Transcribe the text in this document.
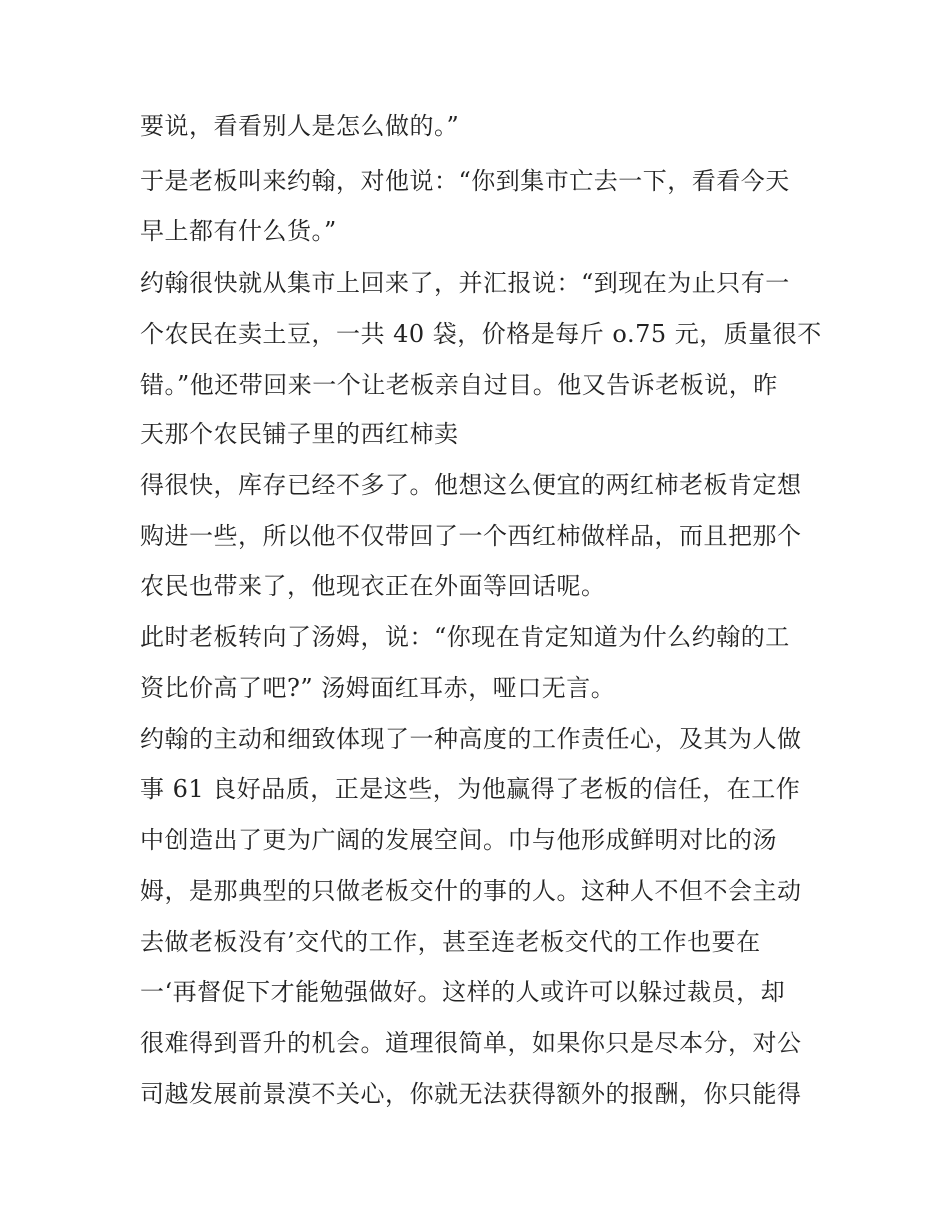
要说，看看别人是怎么做的。”
于是老板叫来约翰，对他说：“你到集市亡去一下，看看今天
早上都有什么货。”
约翰很快就从集市上回来了，并汇报说：“到现在为止只有一
个农民在卖土豆，一共 40 袋，价格是每斤 o.75 元，质量很不
错。”他还带回来一个让老板亲自过目。他又告诉老板说，昨
天那个农民铺子里的西红柿卖
得很快，库存已经不多了。他想这么便宜的两红柿老板肯定想
购进一些，所以他不仅带回了一个西红柿做样品，而且把那个
农民也带来了，他现衣正在外面等回话呢。
此时老板转向了汤姆，说：“你现在肯定知道为什么约翰的工
资比价高了吧?” 汤姆面红耳赤，哑口无言。
约翰的主动和细致体现了一种高度的工作责任心，及其为人做
事 61 良好品质，正是这些，为他赢得了老板的信任，在工作
中创造出了更为广阔的发展空间。巾与他形成鲜明对比的汤
姆，是那典型的只做老板交什的事的人。这种人不但不会主动
去做老板没有’交代的工作，甚至连老板交代的工作也要在
一‘再督促下才能勉强做好。这样的人或许可以躲过裁员，却
很难得到晋升的机会。道理很简单，如果你只是尽本分，对公
司越发展前景漠不关心，你就无法获得额外的报酬，你只能得
